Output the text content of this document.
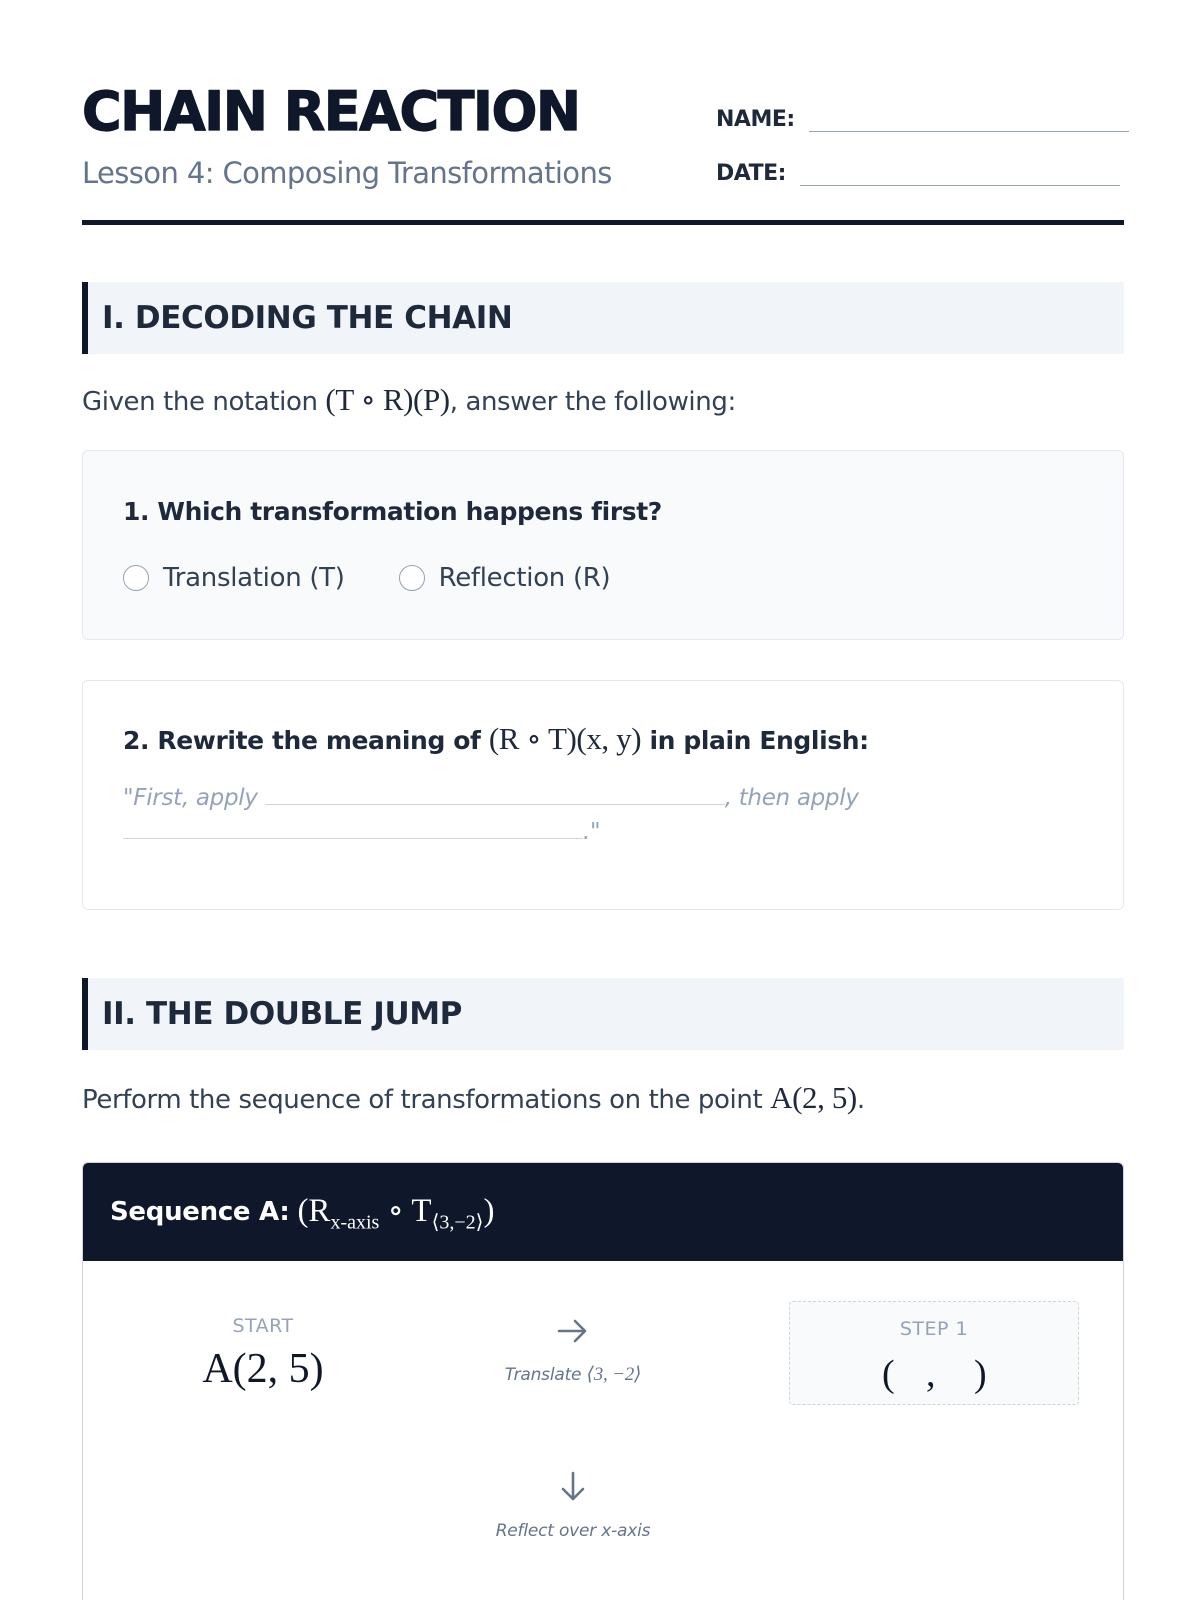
CHAIN REACTION
Lesson 4: Composing Transformations
NAME:
DATE:
I. DECODING THE CHAIN
Given the notation (T ∘ R)(P), answer the following:
1. Which transformation happens first?
Translation (T)	Reflection (R)
2. Rewrite the meaning of (R ∘ T)(x, y) in plain English:
"First, apply	, then apply
."
II. THE DOUBLE JUMP
Perform the sequence of transformations on the point A(2, 5).
Sequence A: ($R_{x-axis}$ ∘ $T_{⟨3,-2⟩}$)
START
A(2, 5)	Translate ⟨3, −2⟩
STEP 1
( , )
Reflect over x-axis
